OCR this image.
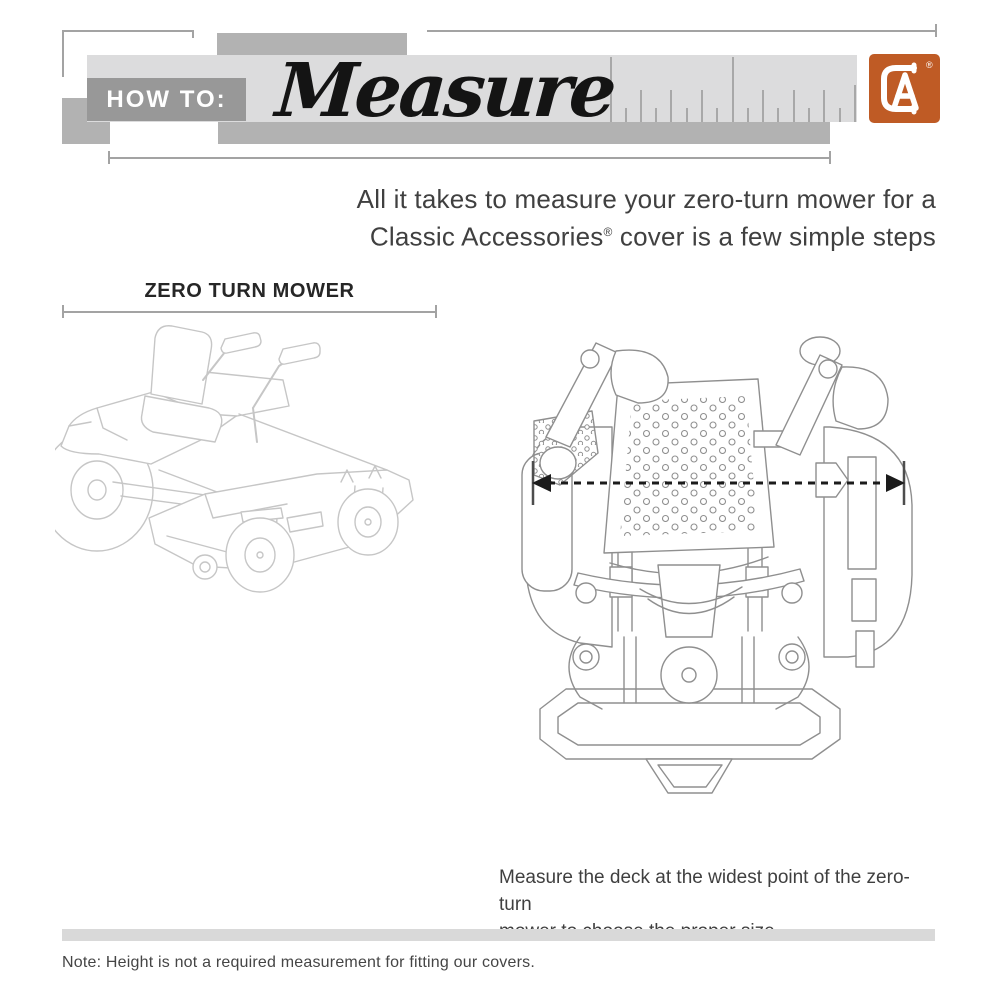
HOW TO: Measure	®
All it takes to measure your zero-turn mower for a
Classic Accessories® cover is a few simple steps
ZERO TURN MOWER
Measure the deck at the widest point of the zero-turn
Note: Height is not a required measurement for fitting our covers.
